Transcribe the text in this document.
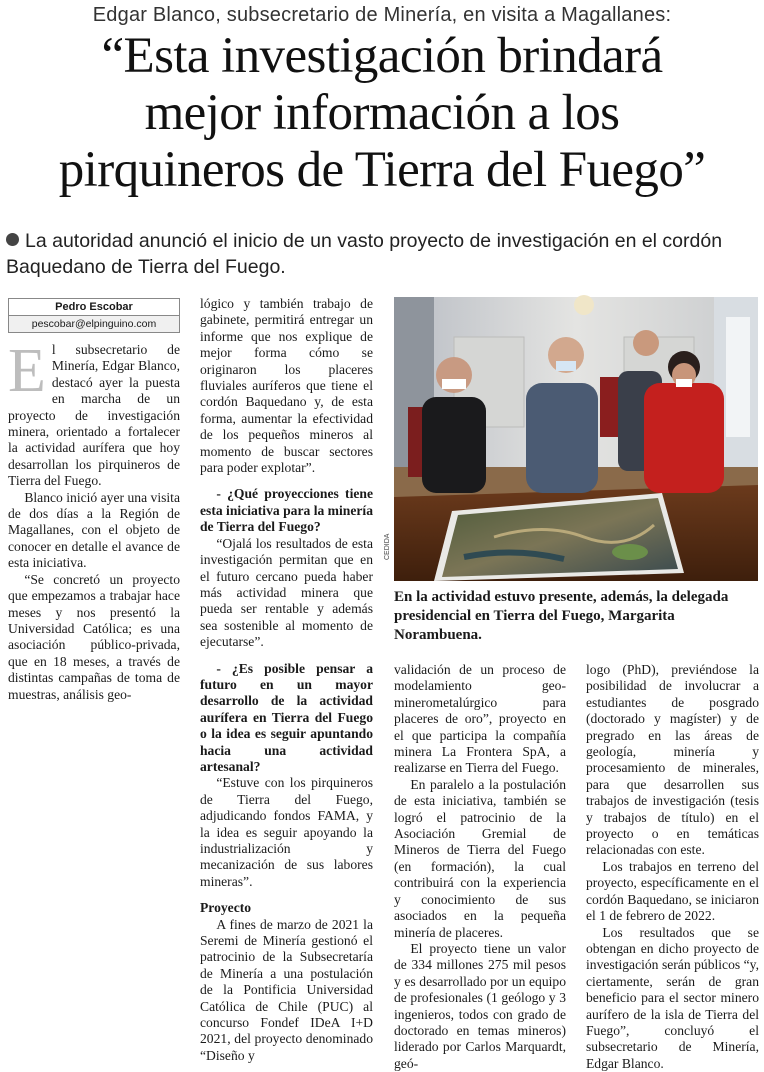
Edgar Blanco, subsecretario de Minería, en visita a Magallanes:
“Esta investigación brindará
mejor información a los
pirquineros de Tierra del Fuego”
La autoridad anunció el inicio de un vasto proyecto de investigación en el cordón Baquedano de Tierra del Fuego.
Pedro Escobar
pescobar@elpinguino.com
E l subsecretario de Minería, Edgar Blanco, destacó ayer la puesta en marcha de un proyecto de investigación minera, orientado a fortalecer la actividad aurífera que hoy desarrollan los pirquineros de Tierra del Fuego.

Blanco inició ayer una visita de dos días a la Región de Magallanes, con el objeto de conocer en detalle el avance de esta iniciativa.

“Se concretó un proyecto que empezamos a trabajar hace meses y nos presentó la Universidad Católica; es una asociación público-privada, que en 18 meses, a través de distintas campañas de toma de muestras, análisis geo-

lógico y también trabajo de gabinete, permitirá entregar un informe que nos explique de mejor forma cómo se originaron los placeres fluviales auríferos que tiene el cordón Baquedano y, de esta forma, aumentar la efectividad de los pequeños mineros al momento de buscar sectores para poder explotar”.

- ¿Qué proyecciones tiene esta iniciativa para la minería de Tierra del Fuego?

“Ojalá los resultados de esta investigación permitan que en el futuro cercano pueda haber más actividad minera que pueda ser rentable y además sea sostenible al momento de ejecutarse”.

- ¿Es posible pensar a futuro en un mayor desarrollo de la actividad aurífera en Tierra del Fuego o la idea es seguir apuntando hacia una actividad artesanal?

“Estuve con los pirquineros de Tierra del Fuego, adjudicando fondos FAMA, y la idea es seguir apoyando la industrialización y mecanización de sus labores mineras”.

Proyecto

A fines de marzo de 2021 la Seremi de Minería gestionó el patrocinio de la Subsecretaría de Minería a una postulación de la Pontificia Universidad Católica de Chile (PUC) al concurso Fondef IDeA I+D 2021, del proyecto denominado “Diseño y

CEDIDA
En la actividad estuvo presente, además, la delegada presidencial en Tierra del Fuego, Margarita Norambuena.

validación de un proceso de modelamiento geo-minerometalúrgico para placeres de oro”, proyecto en el que participa la compañía minera La Frontera SpA, a realizarse en Tierra del Fuego.

En paralelo a la postulación de esta iniciativa, también se logró el patrocinio de la Asociación Gremial de Mineros de Tierra del Fuego (en formación), la cual contribuirá con la experiencia y conocimiento de sus asociados en la pequeña minería de placeres.

El proyecto tiene un valor de 334 millones 275 mil pesos y es desarrollado por un equipo de profesionales (1 geólogo y 3 ingenieros, todos con grado de doctorado en temas mineros) liderado por Carlos Marquardt, geó-

logo (PhD), previéndose la posibilidad de involucrar a estudiantes de posgrado (doctorado y magíster) y de pregrado en las áreas de geología, minería y procesamiento de minerales, para que desarrollen sus trabajos de investigación (tesis y trabajos de título) en el proyecto o en temáticas relacionadas con este.

Los trabajos en terreno del proyecto, específicamente en el cordón Baquedano, se iniciaron el 1 de febrero de 2022.

Los resultados que se obtengan en dicho proyecto de investigación serán públicos “y, ciertamente, serán de gran beneficio para el sector minero aurífero de la isla de Tierra del Fuego”, concluyó el subsecretario de Minería, Edgar Blanco.
